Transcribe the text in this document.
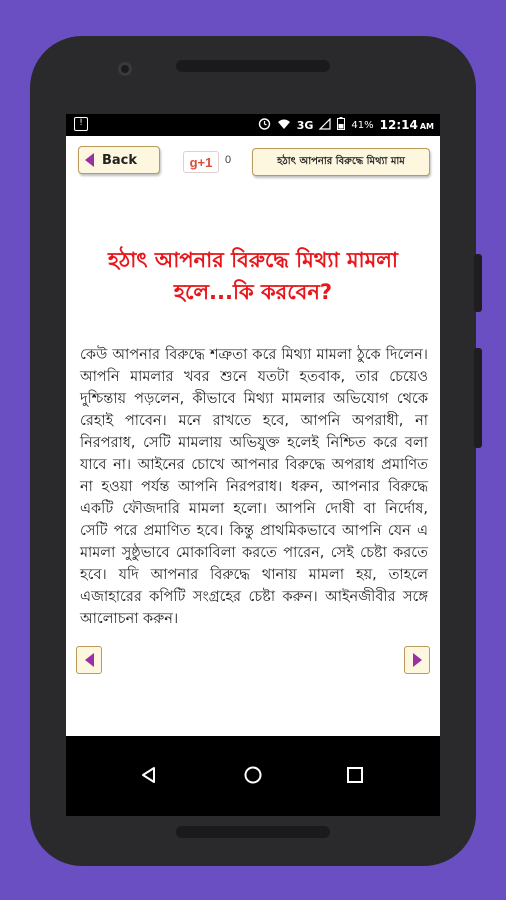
!	3G	41% 12:14 AM
Back	g+1	0	হঠাৎ আপনার বিরুদ্ধে মিথ্যা মাম
হঠাৎ আপনার বিরুদ্ধে মিথ্যা মামলা হলে...কি করবেন?
কেউ আপনার বিরুদ্ধে শত্রুতা করে মিথ্যা মামলা ঠুকে দিলেন। আপনি মামলার খবর শুনে যতটা হতবাক, তার চেয়েও দুশ্চিন্তায় পড়লেন, কীভাবে মিথ্যা মামলার অভিযোগ থেকে রেহাই পাবেন। মনে রাখতে হবে, আপনি অপরাধী, না নিরপরাধ, সেটি মামলায় অভিযুক্ত হলেই নিশ্চিত করে বলা যাবে না। আইনের চোখে আপনার বিরুদ্ধে অপরাধ প্রমাণিত না হওয়া পর্যন্ত আপনি নিরপরাধ। ধরুন, আপনার বিরুদ্ধে একটি ফৌজদারি মামলা হলো। আপনি দোষী বা নির্দোষ, সেটি পরে প্রমাণিত হবে। কিন্তু প্রাথমিকভাবে আপনি যেন এ মামলা সুষ্ঠুভাবে মোকাবিলা করতে পারেন, সেই চেষ্টা করতে হবে। যদি আপনার বিরুদ্ধে থানায় মামলা হয়, তাহলে এজাহারের কপিটি সংগ্রহের চেষ্টা করুন। আইনজীবীর সঙ্গে আলোচনা করুন।
